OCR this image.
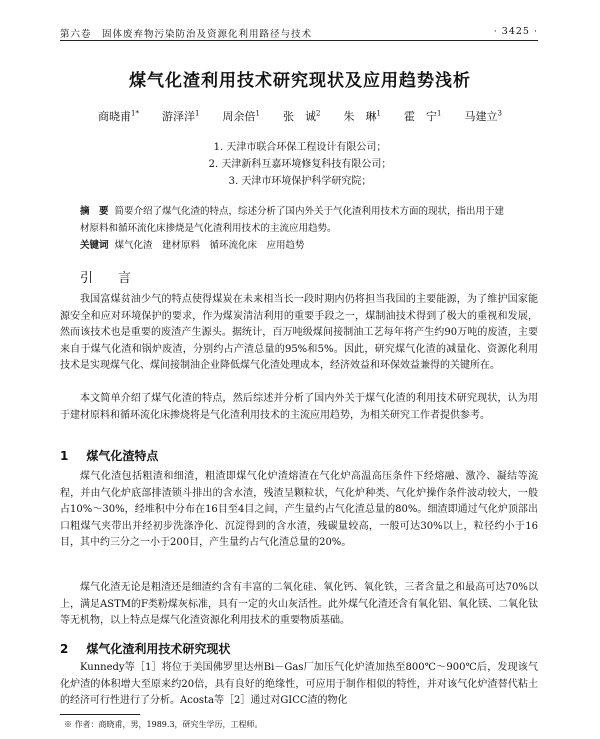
第六卷　固体废弃物污染防治及资源化利用路径与技术	· 3425 ·
煤气化渣利用技术研究现状及应用趋势浅析
商晓甫$^{1*}$ 游泽洋$^1$ 周余倍$^1$ 张　诚$^2$ 朱　琳$^1$ 霍　宁$^1$ 马建立$^3$
1. 天津市联合环保工程设计有限公司；
2. 天津新科互嘉环境修复科技有限公司；
3. 天津市环境保护科学研究院；
摘　要 简要介绍了煤气化渣的特点，综述分析了国内外关于气化渣利用技术方面的现状，指出用于建材原料和循环流化床掺烧是气化渣利用技术的主流应用趋势。
关键词 煤气化渣　建材原料　循环流化床　应用趋势
引　言
我国富煤贫油少气的特点使得煤炭在未来相当长一段时期内仍将担当我国的主要能源，为了维护国家能源安全和应对环境保护的要求，作为煤炭清洁利用的重要手段之一，煤制油技术得到了极大的重视和发展，然而该技术也是重要的废渣产生源头。据统计，百万吨级煤间接制油工艺每年将产生约90万吨的废渣，主要来自于煤气化渣和锅炉废渣，分别约占产渣总量的95%和5%。因此，研究煤气化渣的减量化、资源化利用技术是实现煤气化、煤间接制油企业降低煤气化渣处理成本，经济效益和环保效益兼得的关键所在。
本文简单介绍了煤气化渣的特点，然后综述并分析了国内外关于煤气化渣的利用技术研究现状，认为用于建材原料和循环流化床掺烧将是气化渣利用技术的主流应用趋势，为相关研究工作者提供参考。
1 煤气化渣特点
煤气化渣包括粗渣和细渣，粗渣即煤气化炉渣熔渣在气化炉高温高压条件下经熔融、激冷、凝结等流程，并由气化炉底部排渣锁斗排出的含水渣，残渣呈颗粒状，气化炉种类、气化炉操作条件波动较大，一般占10%～30%，经堆积中分布在16目至4目之间，产生量约占气化渣总量的80%。细渣即通过气化炉顶部出口粗煤气夹带出并经初步洗涤净化、沉淀得到的含水渣，残碳量较高，一般可达30%以上，粒径约小于16目，其中约三分之一小于200目，产生量约占气化渣总量的20%。
煤气化渣无论是粗渣还是细渣约含有丰富的二氧化硅、氧化钙、氧化铁，三者含量之和最高可达70%以上，满足ASTM的F类粉煤灰标准，具有一定的火山灰活性。此外煤气化渣还含有氧化铝、氧化镁、二氧化钛等无机物，以上特点是煤气化渣资源化利用技术的重要物质基础。
2 煤气化渣利用技术研究现状
Kunnedy等［1］将位于美国佛罗里达州Bi－Gas厂加压气化炉渣加热至800℃～900℃后，发现该气化炉渣的体积增大至原来约20倍，具有良好的绝缘性，可应用于制作相似的特性，并对该气化炉渣替代粘土的经济可行性进行了分析。Acosta等［2］通过对GICC渣的物化
※ 作者：商晓甫，男，1989.3，研究生学历，工程师。
